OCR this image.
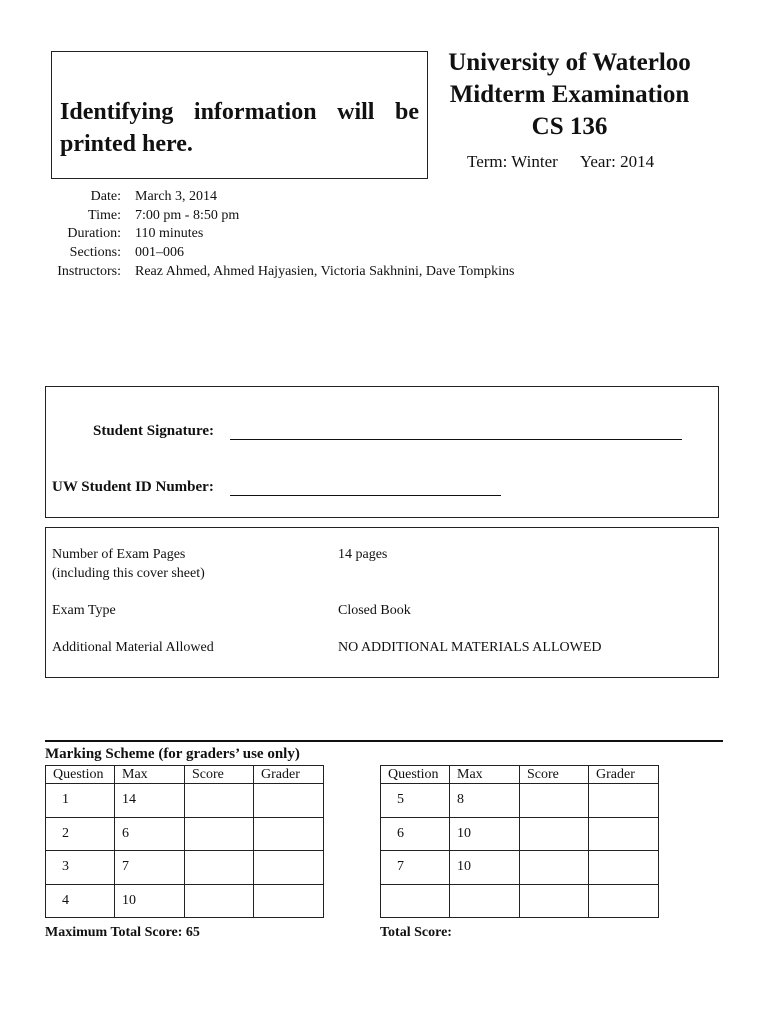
Identifying information will be printed here.
University of Waterloo
Midterm Examination
CS 136
Term: Winter Year: 2014
Date:	March 3, 2014
Time:	7:00 pm - 8:50 pm
Duration:	110 minutes
Sections:	001–006
Instructors:	Reaz Ahmed, Ahmed Hajyasien, Victoria Sakhnini, Dave Tompkins
Student Signature:
UW Student ID Number:
Number of Exam Pages
(including this cover sheet)
14 pages
Exam Type	Closed Book
Additional Material Allowed	NO ADDITIONAL MATERIALS ALLOWED
Marking Scheme (for graders’ use only)
Question	Max	Score	Grader
1	14		
2	6		
3	7		
4	10		
Question	Max	Score	Grader
5	8		
6	10		
7	10		

Maximum Total Score: 65	Total Score:
